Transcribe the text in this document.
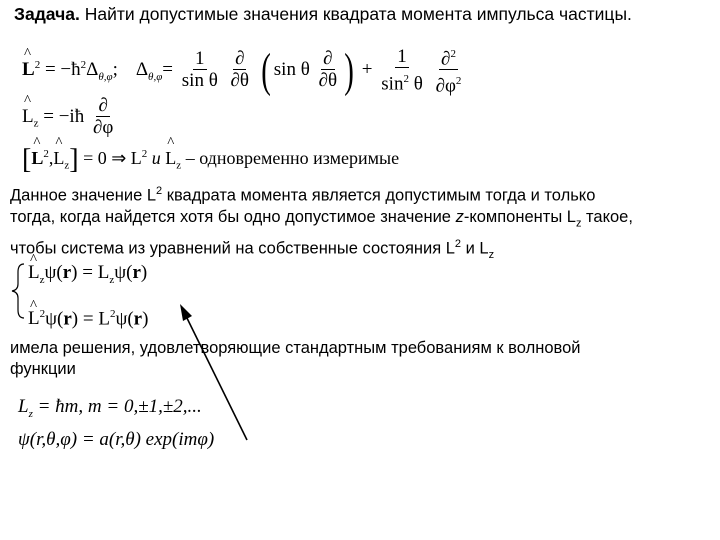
Задача. Найти допустимые значения квадрата момента импульса частицы.
^ $L^2$ = $-ħ^2\Delta_{\theta,\varphi}$; $\Delta_{\theta,\varphi}= \frac{1}{\text{sin θ}}$
$\frac{\partial}{\partial\theta}$ ( sin θ $\frac{\partial}{\partial\theta}$ ) + $\frac{1}{\sin^2 \theta}$
$\frac{\partial^2}{\partial\varphi^2}$
^ $L_z$ = −iħ $\frac{\partial}{\partial\varphi}$
[^ $L^2,\^{}$ $L_z] = 0$ ⇒ $L^2$ и ^ $L_z$ – одновременно измеримые
Данное значение $L^2$ квадрата момента является допустимым тогда и только
тогда, когда найдется хотя бы одно допустимое значение z-компоненты $L_z$ такое,
чтобы система из уравнений на собственные состояния $L^2$ и $L_z$
^ $L_z\psi(r) = L_z\psi(r)$
^ $L^2\psi(r) = L^2\psi(r)$
имела решения, удовлетворяющие стандартным требованиям к волновой
функции
$L_z$ = ħm, m = 0,±1,±2,...
ψ(r,θ,φ) = a(r,θ) exp(imφ)
